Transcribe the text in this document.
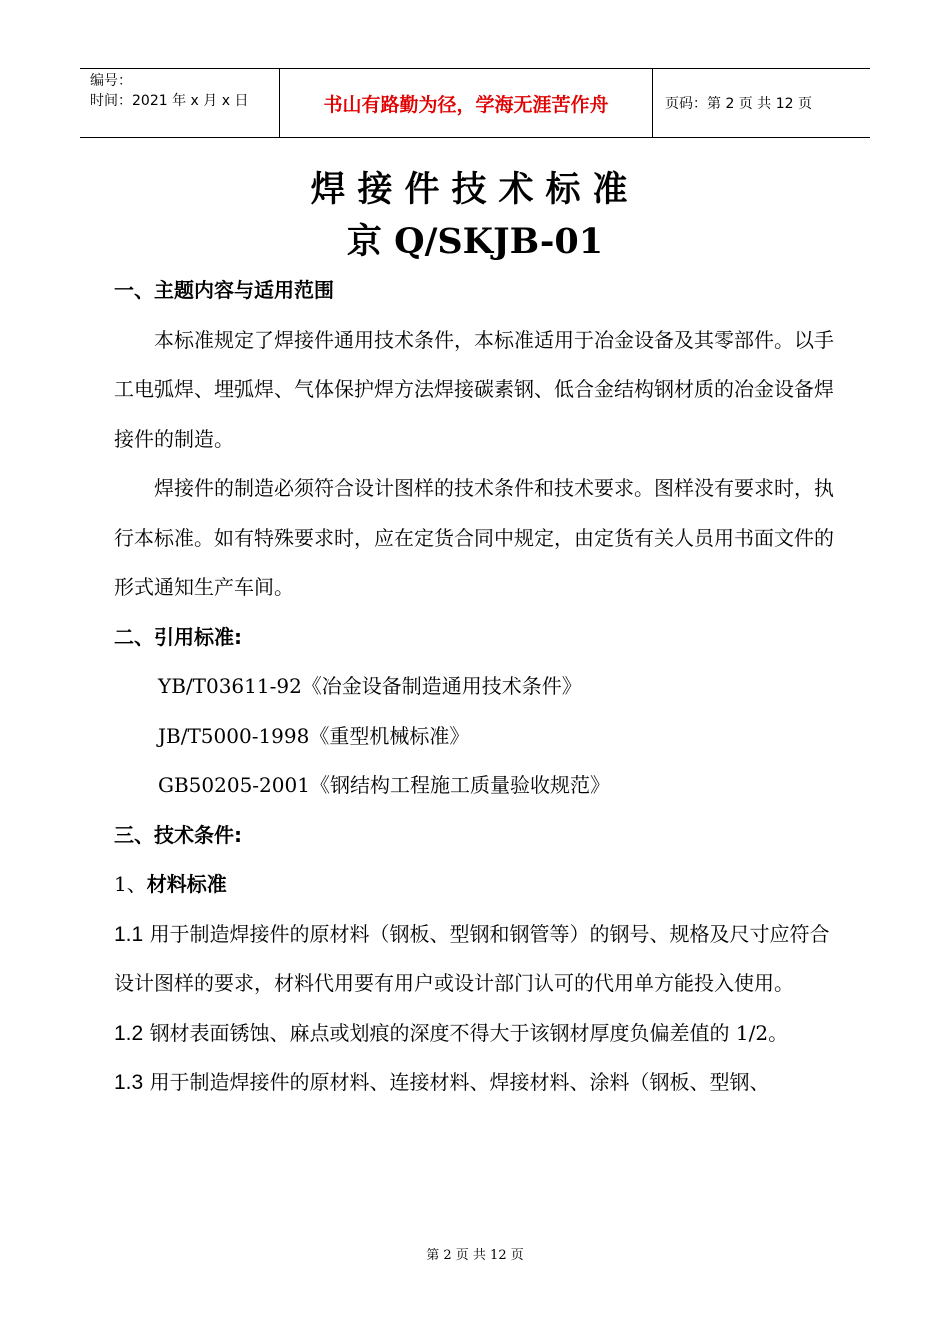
编号：
时间：2021 年 x 月 x 日	书山有路勤为径，学海无涯苦作舟	页码：第 2 页 共 12 页
焊接件技术标准
京 Q/SKJB-01

一、主题内容与适用范围

本标准规定了焊接件通用技术条件，本标准适用于冶金设备及其零部件。以手工电弧焊、埋弧焊、气体保护焊方法焊接碳素钢、低合金结构钢材质的冶金设备焊接件的制造。

焊接件的制造必须符合设计图样的技术条件和技术要求。图样没有要求时，执行本标准。如有特殊要求时，应在定货合同中规定，由定货有关人员用书面文件的形式通知生产车间。

二、引用标准:

YB/T03611-92《冶金设备制造通用技术条件》

JB/T5000-1998《重型机械标准》

GB50205-2001《钢结构工程施工质量验收规范》

三、技术条件:

1、材料标准

1.1 用于制造焊接件的原材料（钢板、型钢和钢管等）的钢号、规格及尺寸应符合设计图样的要求，材料代用要有用户或设计部门认可的代用单方能投入使用。

1.2 钢材表面锈蚀、麻点或划痕的深度不得大于该钢材厚度负偏差值的 1/2。

1.3 用于制造焊接件的原材料、连接材料、焊接材料、涂料（钢板、型钢、

第 2 页 共 12 页
